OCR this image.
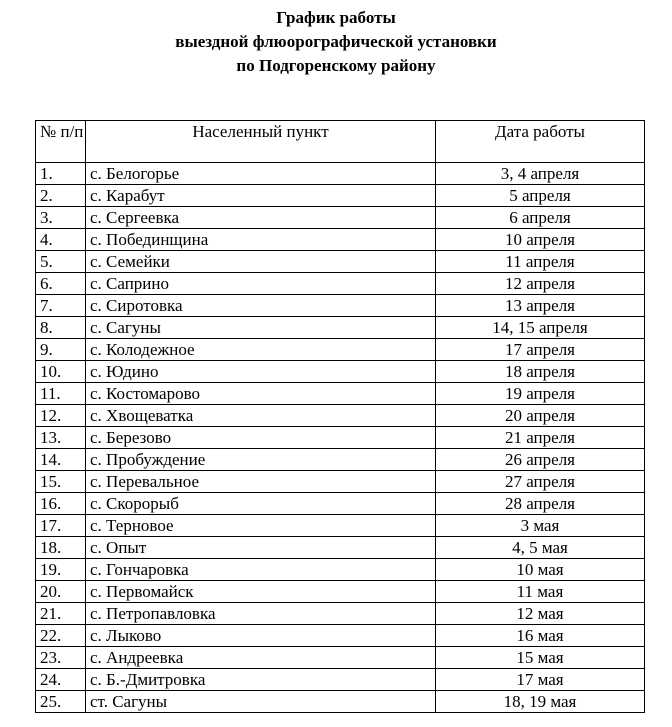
График работы
выездной флюорографической установки
по Подгоренскому району
№ п/п	Населенный пункт	Дата работы
1.	с. Белогорье	3, 4 апреля
2.	с. Карабут	5 апреля
3.	с. Сергеевка	6 апреля
4.	с. Побединщина	10 апреля
5.	с. Семейки	11 апреля
6.	с. Саприно	12 апреля
7.	с. Сиротовка	13 апреля
8.	с. Сагуны	14, 15 апреля
9.	с. Колодежное	17 апреля
10.	с. Юдино	18 апреля
11.	с. Костомарово	19 апреля
12.	с. Хвощеватка	20 апреля
13.	с. Березово	21 апреля
14.	с. Пробуждение	26 апреля
15.	с. Перевальное	27 апреля
16.	с. Скорорыб	28 апреля
17.	с. Терновое	3 мая
18.	с. Опыт	4, 5 мая
19.	с. Гончаровка	10 мая
20.	с. Первомайск	11 мая
21.	с. Петропавловка	12 мая
22.	с. Лыково	16 мая
23.	с. Андреевка	15 мая
24.	с. Б.-Дмитровка	17 мая
25.	ст. Сагуны	18, 19 мая
